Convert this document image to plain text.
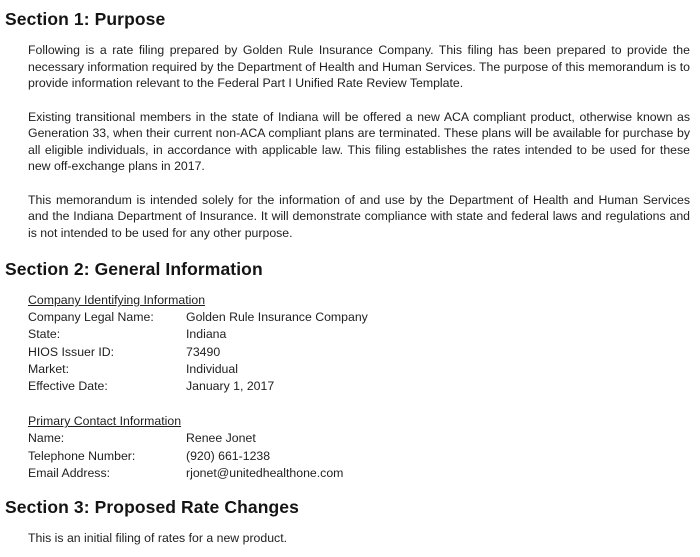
Section 1: Purpose

Following is a rate filing prepared by Golden Rule Insurance Company. This filing has been prepared to provide the necessary information required by the Department of Health and Human Services. The purpose of this memorandum is to provide information relevant to the Federal Part I Unified Rate Review Template.

Existing transitional members in the state of Indiana will be offered a new ACA compliant product, otherwise known as Generation 33, when their current non-ACA compliant plans are terminated. These plans will be available for purchase by all eligible individuals, in accordance with applicable law. This filing establishes the rates intended to be used for these new off-exchange plans in 2017.

This memorandum is intended solely for the information of and use by the Department of Health and Human Services and the Indiana Department of Insurance. It will demonstrate compliance with state and federal laws and regulations and is not intended to be used for any other purpose.

Section 2: General Information
Company Identifying Information
Company Legal Name:	Golden Rule Insurance Company
State:	Indiana
HIOS Issuer ID:	73490
Market:	Individual
Effective Date:	January 1, 2017
Primary Contact Information
Name:	Renee Jonet
Telephone Number:	(920) 661-1238
Email Address:	rjonet@unitedhealthone.com
Section 3: Proposed Rate Changes

This is an initial filing of rates for a new product.
